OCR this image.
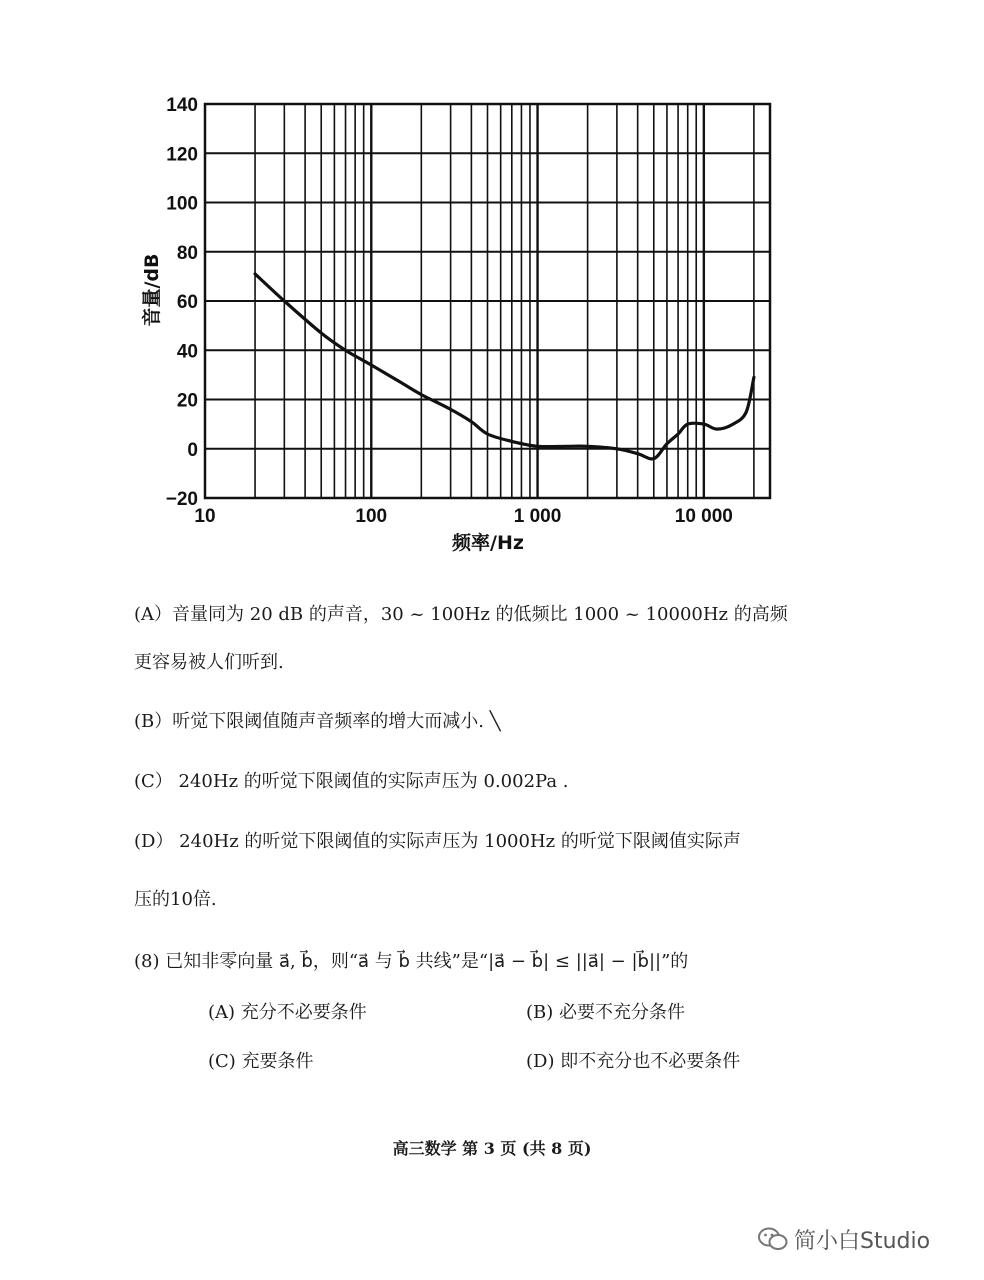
−20
0
20
40
60
80
100
120
140
10	100	1 000	10 000
音量/dB
频率/Hz
(A）音量同为 20 dB 的声音，30 ~ 100Hz 的低频比 1000 ~ 10000Hz 的高频
更容易被人们听到.
(B）听觉下限阈值随声音频率的增大而减小. ╲
(C） 240Hz 的听觉下限阈值的实际声压为 0.002Pa .
(D） 240Hz 的听觉下限阈值的实际声压为 1000Hz 的听觉下限阈值实际声
压的10倍.
(8) 已知非零向量 a⃗, b⃗，则“a⃗ 与 b⃗ 共线”是“|a⃗ − b⃗| ≤ ||a⃗| − |b⃗||”的
(A) 充分不必要条件	(B) 必要不充分条件
(C) 充要条件	(D) 即不充分也不必要条件
高三数学 第 3 页 (共 8 页)
简小白Studio
